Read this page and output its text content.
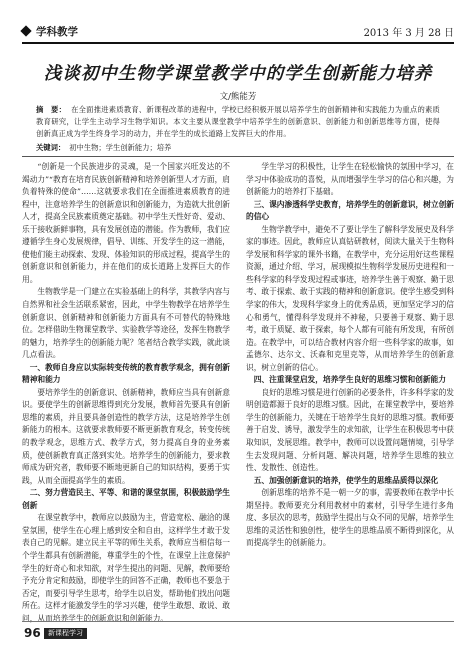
学科教学	2013 年 3 月 28 日
浅谈初中生物学课堂教学中的学生创新能力培养
文/熊能芳
摘　要： 在全面推进素质教育、新课程改革的进程中，学校已经积极开展以培养学生的创新精神和实践能力为重点的素质教育研究，让学生主动学习生物学知识。本文主要从课堂教学中培养学生的创新意识、创新能力和创新思维等方面，使得创新真正成为学生终身学习的动力，并在学生的成长道路上发挥巨大的作用。
关键词： 初中生物；学生创新能力；培养

“创新是一个民族进步的灵魂，是一个国家兴旺发达的不竭动力”“教育在培育民族创新精神和培养创新型人才方面，肩负着特殊的使命”……这就要求我们在全面推进素质教育的进程中，注意培养学生的创新意识和创新能力，为造就大批创新人才，提高全民族素质奠定基础。初中学生天性好奇、爱动、乐于接收新鲜事物，具有发展创造的潜能。作为教师，我们应遵循学生身心发展规律，倡导、训练、开发学生的这一潜能，使他们能主动探索、发现、体验知识的形成过程，提高学生的创新意识和创新能力，并在他们的成长道路上发挥巨大的作用。

生物教学是一门建立在实验基础上的科学，其教学内容与自然界和社会生活联系紧密，因此，中学生物教学在培养学生创新意识、创新精神和创新能力方面具有不可替代的特殊地位。怎样借助生物课堂教学、实验教学等途径，发挥生物教学的魅力，培养学生的创新能力呢？笔者结合教学实践，就此谈几点看法。

一、教师自身应以实际转变传统的教育教学观念，拥有创新精神和能力

要培养学生的创新意识、创新精神，教师应当具有创新意识。要使学生的创新思维得到充分发展，教师首先要具有创新思维的素质，并且要具备创造性的教学方法，这是培养学生创新能力的根本。这就要求教师要不断更新教育观念，转变传统的教学观念，思维方式、教学方式，努力提高自身的业务素质，使创新教育真正落到实处。培养学生的创新能力，要求教师成为研究者，教师要不断地更新自己的知识结构，要勇于实践，从而全面提高学生的素质。

二、努力营造民主、平等、和谐的课堂氛围，积极鼓励学生创新

在课堂教学中，教师应以鼓励为主，营造宽松、融洽的课堂氛围，使学生在心理上感到安全和自由，这样学生才敢于发表自己的见解。建立民主平等的师生关系，教师应当相信每一个学生都具有创新潜能，尊重学生的个性，在课堂上注意保护学生的好奇心和求知欲，对学生提出的问题、见解，教师要给予充分肯定和鼓励，即使学生的回答不正确，教师也不要急于否定，而要引导学生思考，给学生以启发，帮助他们找出问题所在。这样才能激发学生的学习兴趣，使学生敢想、敢说、敢问，从而培养学生的创新意识和创新能力。

学生学习的积极性，让学生在轻松愉快的氛围中学习，在学习中体验成功的喜悦，从而增强学生学习的信心和兴趣，为创新能力的培养打下基础。

三、课内渗透科学史教育，培养学生的创新意识，树立创新的信心

生物学教学中，避免不了要让学生了解科学发展史及科学家的事迹。因此，教师应认真钻研教材，阅读大量关于生物科学发展和科学家的课外书籍，在教学中，充分运用好这些课程资源，通过介绍、学习，展现模拟生物科学发展历史进程和一些科学家的科学发现过程或事迹，培养学生善于观察、勤于思考、敢于探索、敢于实践的精神和创新意识。使学生感受到科学家的伟大，发现科学家身上的优秀品质，更加坚定学习的信心和勇气，懂得科学发现并不神秘，只要善于观察、勤于思考，敢于质疑、敢于探索，每个人都有可能有所发现，有所创造。在教学中，可以结合教材内容介绍一些科学家的故事，如孟德尔、达尔文、沃森和克里克等，从而培养学生的创新意识，树立创新的信心。

四、注重课堂启发，培养学生良好的思维习惯和创新能力

良好的思维习惯是进行创新的必要条件，许多科学家的发明创造都源于良好的思维习惯。因此，在课堂教学中，要培养学生的创新能力，关键在于培养学生良好的思维习惯。教师要善于启发、诱导，激发学生的求知欲，让学生在积极思考中获取知识，发展思维。教学中，教师可以设置问题情境，引导学生去发现问题、分析问题、解决问题，培养学生思维的独立性、发散性、创造性。

五、加强创新意识的培养，使学生的思维品质得以深化

创新思维的培养不是一朝一夕的事，需要教师在教学中长期坚持。教师要充分利用教材中的素材，引导学生进行多角度、多层次的思考，鼓励学生提出与众不同的见解，培养学生思维的灵活性和独创性，使学生的思维品质不断得到深化，从而提高学生的创新能力。

96	新课程学习
